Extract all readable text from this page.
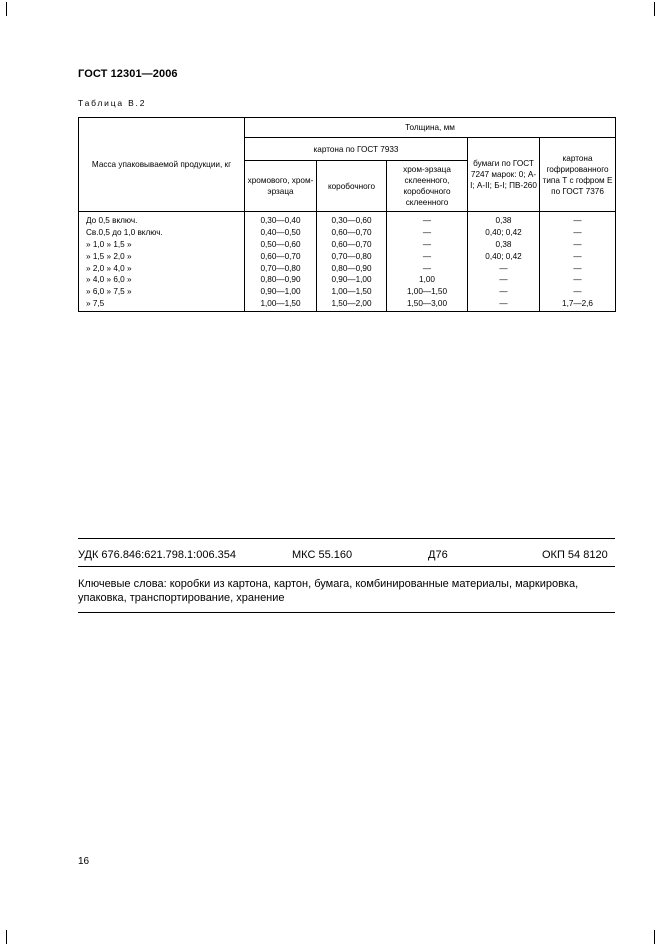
ГОСТ 12301—2006
Таблица В.2
Масса упаковываемой продукции, кг	Толщина, мм				
	картона по ГОСТ 7933			бумаги по ГОСТ 7247 марок: 0; А-I; А-II; Б-I; ПВ-260	картона гофрированного типа Т с гофром Е по ГОСТ 7376
	хромового, хром-эрзаца	коробочного	хром-эрзаца склеенного, коробочного склеенного		
До 0,5 включ.	0,30—0,40	0,30—0,60	—	0,38	—
Св.0,5 до 1,0 включ.	0,40—0,50	0,60—0,70	—	0,40; 0,42	—
» 1,0 » 1,5 »	0,50—0,60	0,60—0,70	—	0,38	—
» 1,5 » 2,0 »	0,60—0,70	0,70—0,80	—	0,40; 0,42	—
» 2,0 » 4,0 »	0,70—0,80	0,80—0,90	—	—	—
» 4,0 » 6,0 »	0,80—0,90	0,90—1,00	1,00	—	—
» 6,0 » 7,5 »	0,90—1,00	1,00—1,50	1,00—1,50	—	—
» 7,5	1,00—1,50	1,50—2,00	1,50—3,00	—	1,7—2,6
УДК 676.846:621.798.1:006.354	МКС 55.160	Д76	ОКП 54 8120
Ключевые слова: коробки из картона, картон, бумага, комбинированные материалы, маркировка, упаковка, транспортирование, хранение
16
